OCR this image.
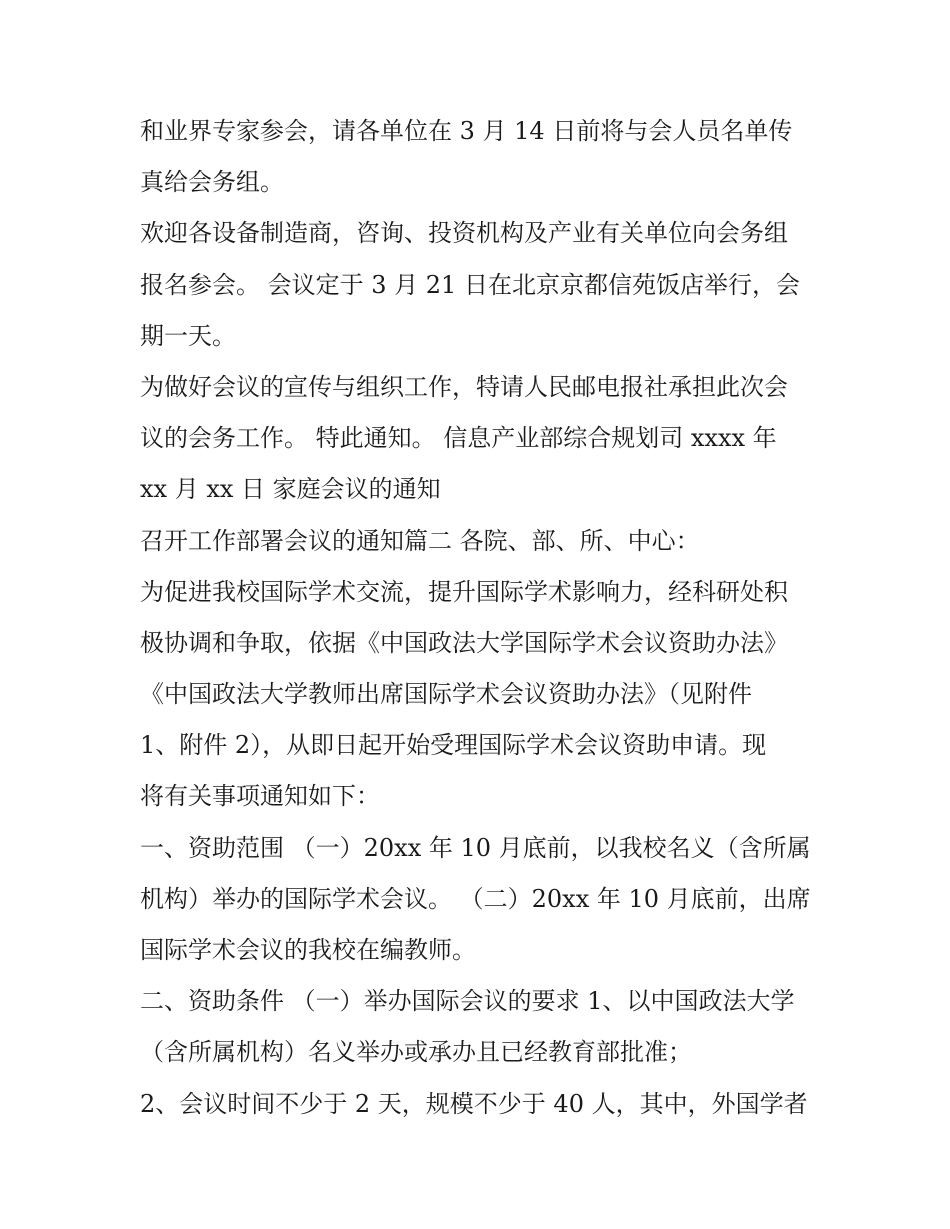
和业界专家参会，请各单位在 3 月 14 日前将与会人员名单传
真给会务组。
欢迎各设备制造商，咨询、投资机构及产业有关单位向会务组
报名参会。 会议定于 3 月 21 日在北京京都信苑饭店举行，会
期一天。
为做好会议的宣传与组织工作，特请人民邮电报社承担此次会
议的会务工作。 特此通知。 信息产业部综合规划司 xxxx 年
xx 月 xx 日 家庭会议的通知
召开工作部署会议的通知篇二 各院、部、所、中心：
为促进我校国际学术交流，提升国际学术影响力，经科研处积
极协调和争取，依据《中国政法大学国际学术会议资助办法》
《中国政法大学教师出席国际学术会议资助办法》（见附件
1、附件 2），从即日起开始受理国际学术会议资助申请。现
将有关事项通知如下：
一、资助范围 （一）20xx 年 10 月底前，以我校名义（含所属
机构）举办的国际学术会议。 （二）20xx 年 10 月底前，出席
国际学术会议的我校在编教师。
二、资助条件 （一）举办国际会议的要求 1、以中国政法大学
（含所属机构）名义举办或承办且已经教育部批准；
2、会议时间不少于 2 天，规模不少于 40 人，其中，外国学者
